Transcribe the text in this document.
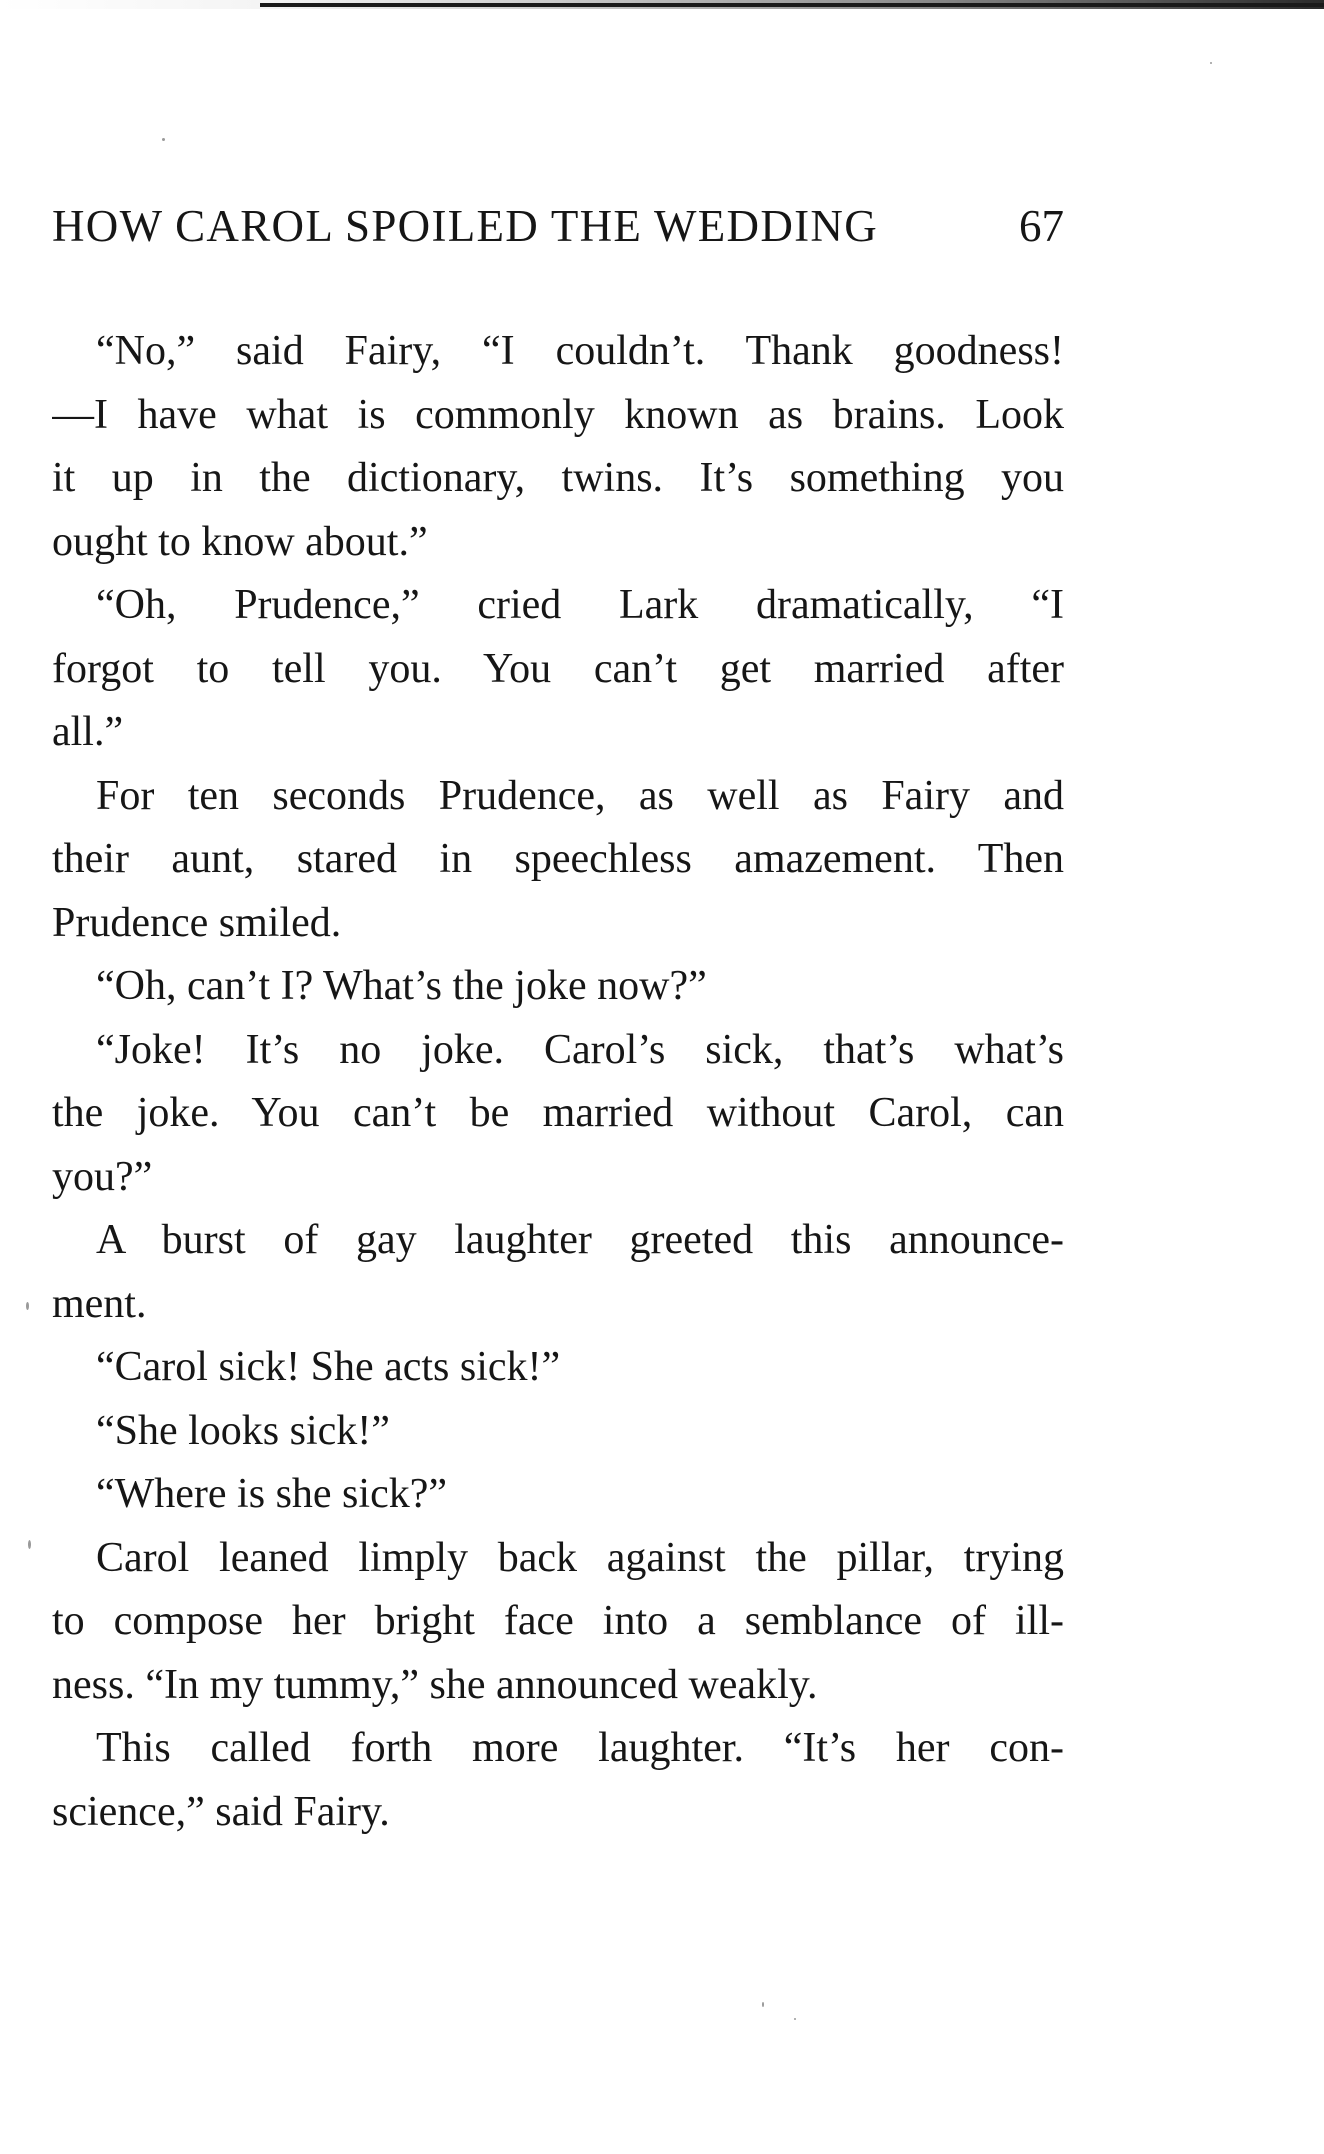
HOW CAROL SPOILED THE WEDDING	67
“No,” said Fairy, “I couldn’t. Thank goodness!
—I have what is commonly known as brains. Look
it up in the dictionary, twins. It’s something you
ought to know about.”
“Oh, Prudence,” cried Lark dramatically, “I
forgot to tell you. You can’t get married after
all.”
For ten seconds Prudence, as well as Fairy and
their aunt, stared in speechless amazement. Then
Prudence smiled.
“Oh, can’t I? What’s the joke now?”
“Joke! It’s no joke. Carol’s sick, that’s what’s
the joke. You can’t be married without Carol, can
you?”
A burst of gay laughter greeted this announce-
ment.
“Carol sick! She acts sick!”
“She looks sick!”
“Where is she sick?”
Carol leaned limply back against the pillar, trying
to compose her bright face into a semblance of ill-
ness. “In my tummy,” she announced weakly.
This called forth more laughter. “It’s her con-
science,” said Fairy.
